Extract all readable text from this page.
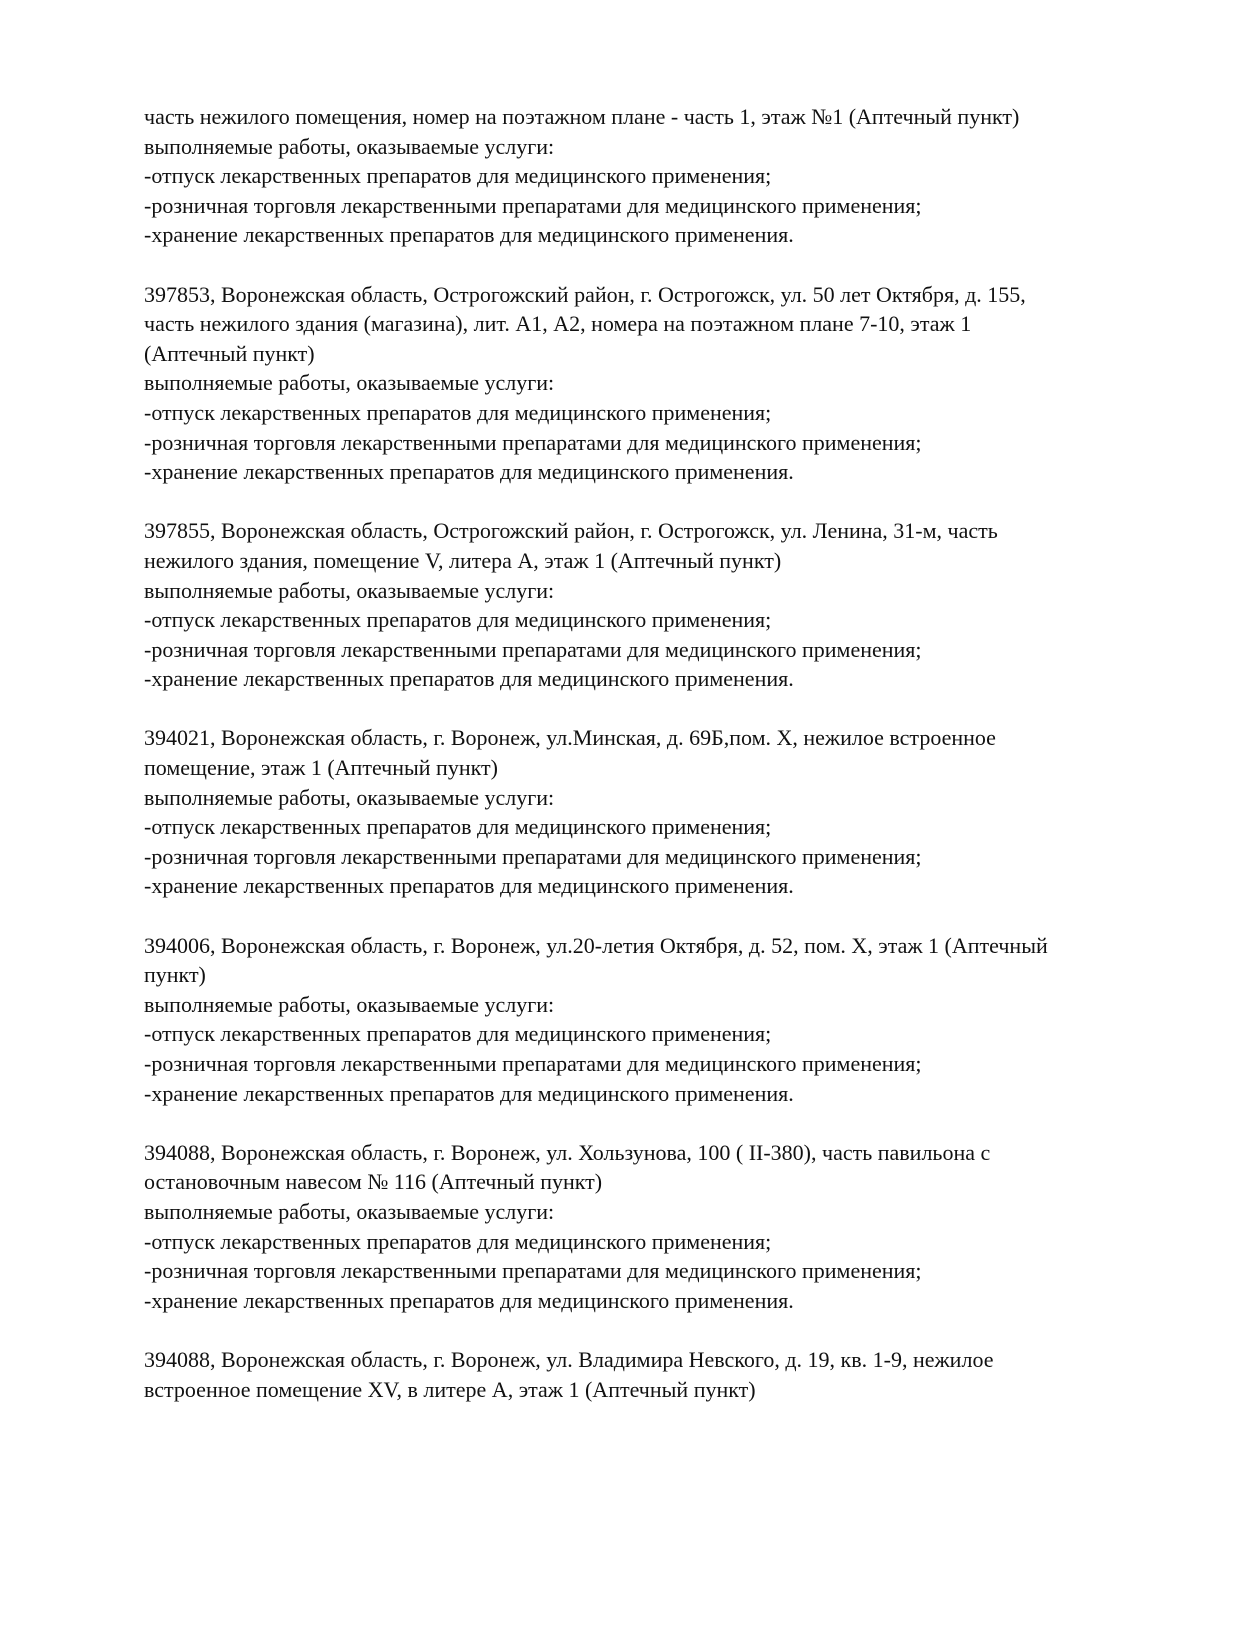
часть нежилого помещения, номер на поэтажном плане - часть 1, этаж №1 (Аптечный пункт)
выполняемые работы, оказываемые услуги:
-отпуск лекарственных препаратов для медицинского применения;
-розничная торговля лекарственными препаратами для медицинского применения;
-хранение лекарственных препаратов для медицинского применения.
397853, Воронежская область, Острогожский район, г. Острогожск, ул. 50 лет Октября, д. 155,
часть нежилого здания (магазина), лит. А1, А2, номера на поэтажном плане 7-10, этаж 1
(Аптечный пункт)
выполняемые работы, оказываемые услуги:
-отпуск лекарственных препаратов для медицинского применения;
-розничная торговля лекарственными препаратами для медицинского применения;
-хранение лекарственных препаратов для медицинского применения.
397855, Воронежская область, Острогожский район, г. Острогожск, ул. Ленина, 31-м, часть
нежилого здания, помещение V, литера А, этаж 1 (Аптечный пункт)
выполняемые работы, оказываемые услуги:
-отпуск лекарственных препаратов для медицинского применения;
-розничная торговля лекарственными препаратами для медицинского применения;
-хранение лекарственных препаратов для медицинского применения.
394021, Воронежская область, г. Воронеж, ул.Минская, д. 69Б,пом. X, нежилое встроенное
помещение, этаж 1 (Аптечный пункт)
выполняемые работы, оказываемые услуги:
-отпуск лекарственных препаратов для медицинского применения;
-розничная торговля лекарственными препаратами для медицинского применения;
-хранение лекарственных препаратов для медицинского применения.
394006, Воронежская область, г. Воронеж, ул.20-летия Октября, д. 52, пом. X, этаж 1 (Аптечный
пункт)
выполняемые работы, оказываемые услуги:
-отпуск лекарственных препаратов для медицинского применения;
-розничная торговля лекарственными препаратами для медицинского применения;
-хранение лекарственных препаратов для медицинского применения.
394088, Воронежская область, г. Воронеж, ул. Хользунова, 100 ( II-380), часть павильона с
остановочным навесом № 116 (Аптечный пункт)
выполняемые работы, оказываемые услуги:
-отпуск лекарственных препаратов для медицинского применения;
-розничная торговля лекарственными препаратами для медицинского применения;
-хранение лекарственных препаратов для медицинского применения.
394088, Воронежская область, г. Воронеж, ул. Владимира Невского, д. 19, кв. 1-9, нежилое
встроенное помещение XV, в литере А, этаж 1 (Аптечный пункт)
